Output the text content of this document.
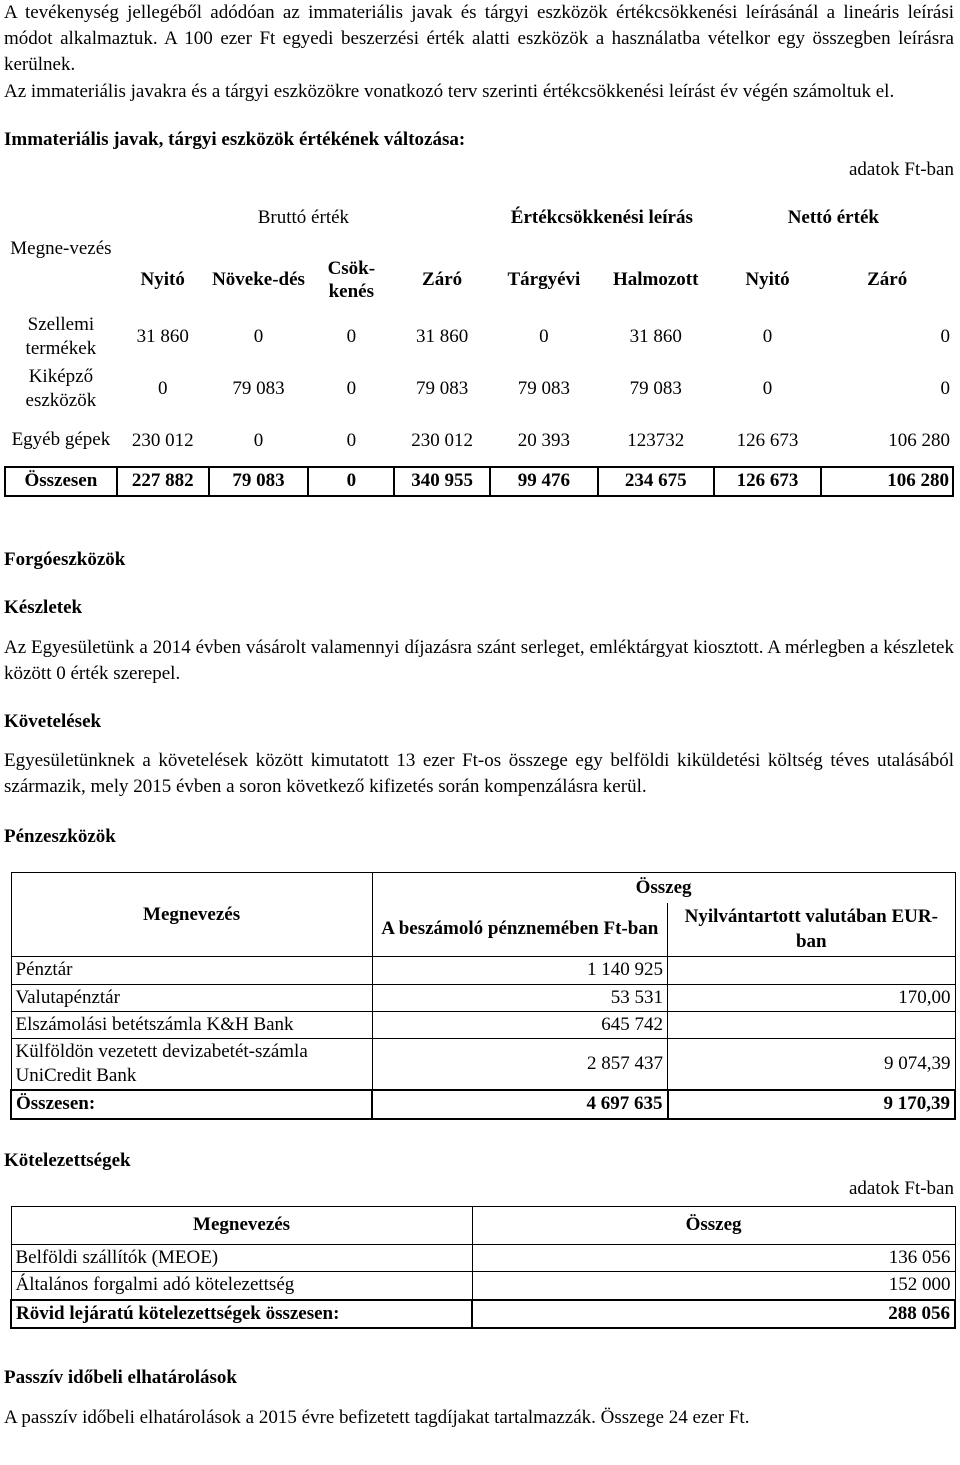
A tevékenység jellegéből adódóan az immateriális javak és tárgyi eszközök értékcsökkenési leírásánál a lineáris leírási módot alkalmaztuk. A 100 ezer Ft egyedi beszerzési érték alatti eszközök a használatba vételkor egy összegben leírásra kerülnek.

Az immateriális javakra és a tárgyi eszközökre vonatkozó terv szerinti értékcsökkenési leírást év végén számoltuk el.

Immateriális javak, tárgyi eszközök értékének változása:
adatok Ft-ban
Megne-vezés	Bruttó érték				Értékcsökkenési leírás		Nettó érték	
	Nyitó	Növeke-dés	Csök-kenés	Záró	Tárgyévi	Halmozott	Nyitó	Záró
Szellemi termékek	31 860	0	0	31 860	0	31 860	0	0
Kiképző eszközök	0	79 083	0	79 083	79 083	79 083	0	0
Egyéb gépek	230 012	0	0	230 012	20 393	123732	126 673	106 280
Összesen	227 882	79 083	0	340 955	99 476	234 675	126 673	106 280
Forgóeszközök
Készletek

Az Egyesületünk a 2014 évben vásárolt valamennyi díjazásra szánt serleget, emléktárgyat kiosztott. A mérlegben a készletek között 0 érték szerepel.

Követelések

Egyesületünknek a követelések között kimutatott 13 ezer Ft-os összege egy belföldi kiküldetési költség téves utalásából származik, mely 2015 évben a soron következő kifizetés során kompenzálásra kerül.

Pénzeszközök
Megnevezés	Összeg	
	A beszámoló pénznemében Ft-ban	Nyilvántartott valutában EUR-ban
Pénztár	1 140 925	
Valutapénztár	53 531	170,00
Elszámolási betétszámla K&H Bank	645 742	
Külföldön vezetett devizabetét-számla UniCredit Bank	2 857 437	9 074,39
Összesen:	4 697 635	9 170,39
Kötelezettségek
adatok Ft-ban
Megnevezés	Összeg
Belföldi szállítók (MEOE)	136 056
Általános forgalmi adó kötelezettség	152 000
Rövid lejáratú kötelezettségek összesen:	288 056
Passzív időbeli elhatárolások

A passzív időbeli elhatárolások a 2015 évre befizetett tagdíjakat tartalmazzák. Összege 24 ezer Ft.
